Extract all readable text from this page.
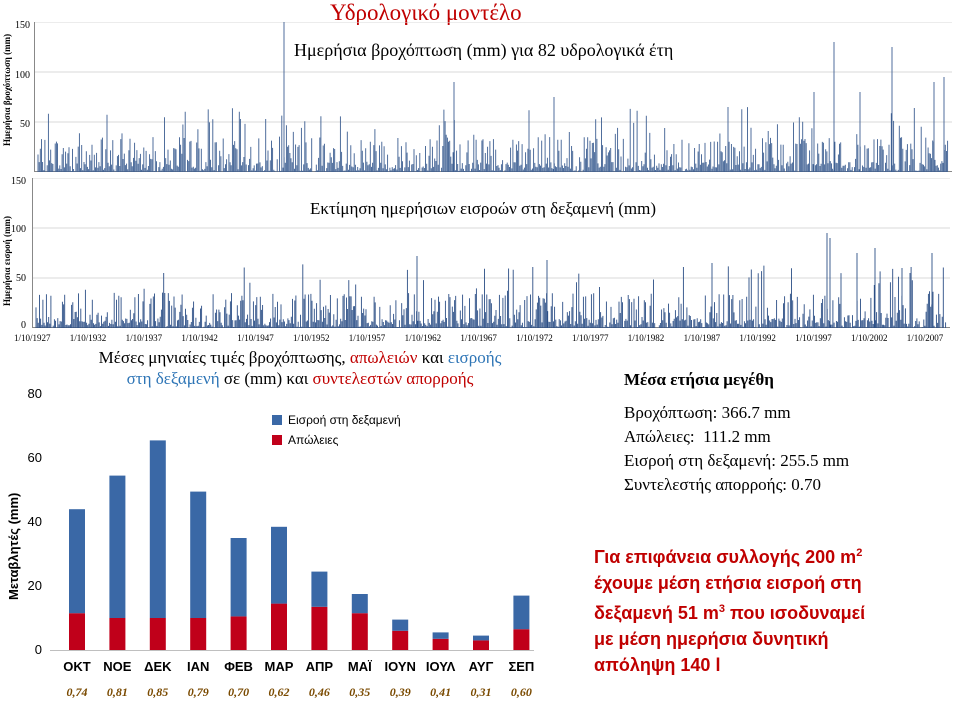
Υδρολογικό μοντέλο
Ημερήσια βροχόπτωση (mm)
150
100
50
Ημερήσια βροχόπτωση (mm) για 82 υδρολογικά έτη
Ημερήσια εισροή (mm)
150
100
50
0
Εκτίμηση ημερήσιων εισροών στη δεξαμενή (mm)
1/10/1927 1/10/1932 1/10/1937 1/10/1942 1/10/1947 1/10/1952 1/10/1957 1/10/1962 1/10/1967 1/10/1972 1/10/1977 1/10/1982 1/10/1987 1/10/1992 1/10/1997 1/10/2002 1/10/2007
Μέσες μηνιαίες τιμές βροχόπτωσης, απωλειών και εισροής
στη δεξαμενή σε (mm) και συντελεστών απορροής
Μεταβλητές (mm)
0
20
40
60
80
Εισροή στη δεξαμενή
Απώλειες
ΟΚΤ ΝΟΕ ΔΕΚ	ΙΑΝ	ΦΕΒ ΜΑΡ ΑΠΡ	ΜΑΪ ΙΟΥΝ ΙΟΥΛ	ΑΥΓ	ΣΕΠ
0,74	0,81	0,85	0,79	0,70	0,62	0,46	0,35	0,39	0,41	0,31	0,60
Μέσα ετήσια μεγέθη
Βροχόπτωση: 366.7 mm
Απώλειες:  111.2 mm
Εισροή στη δεξαμενή: 255.5 mm
Συντελεστής απορροής: 0.70
Για επιφάνεια συλλογής 200 $m^2$
έχουμε μέση ετήσια εισροή στη
δεξαμενή 51 $m^3$ που ισοδυναμεί
με μέση ημερήσια δυνητική
απόληψη 140 l
